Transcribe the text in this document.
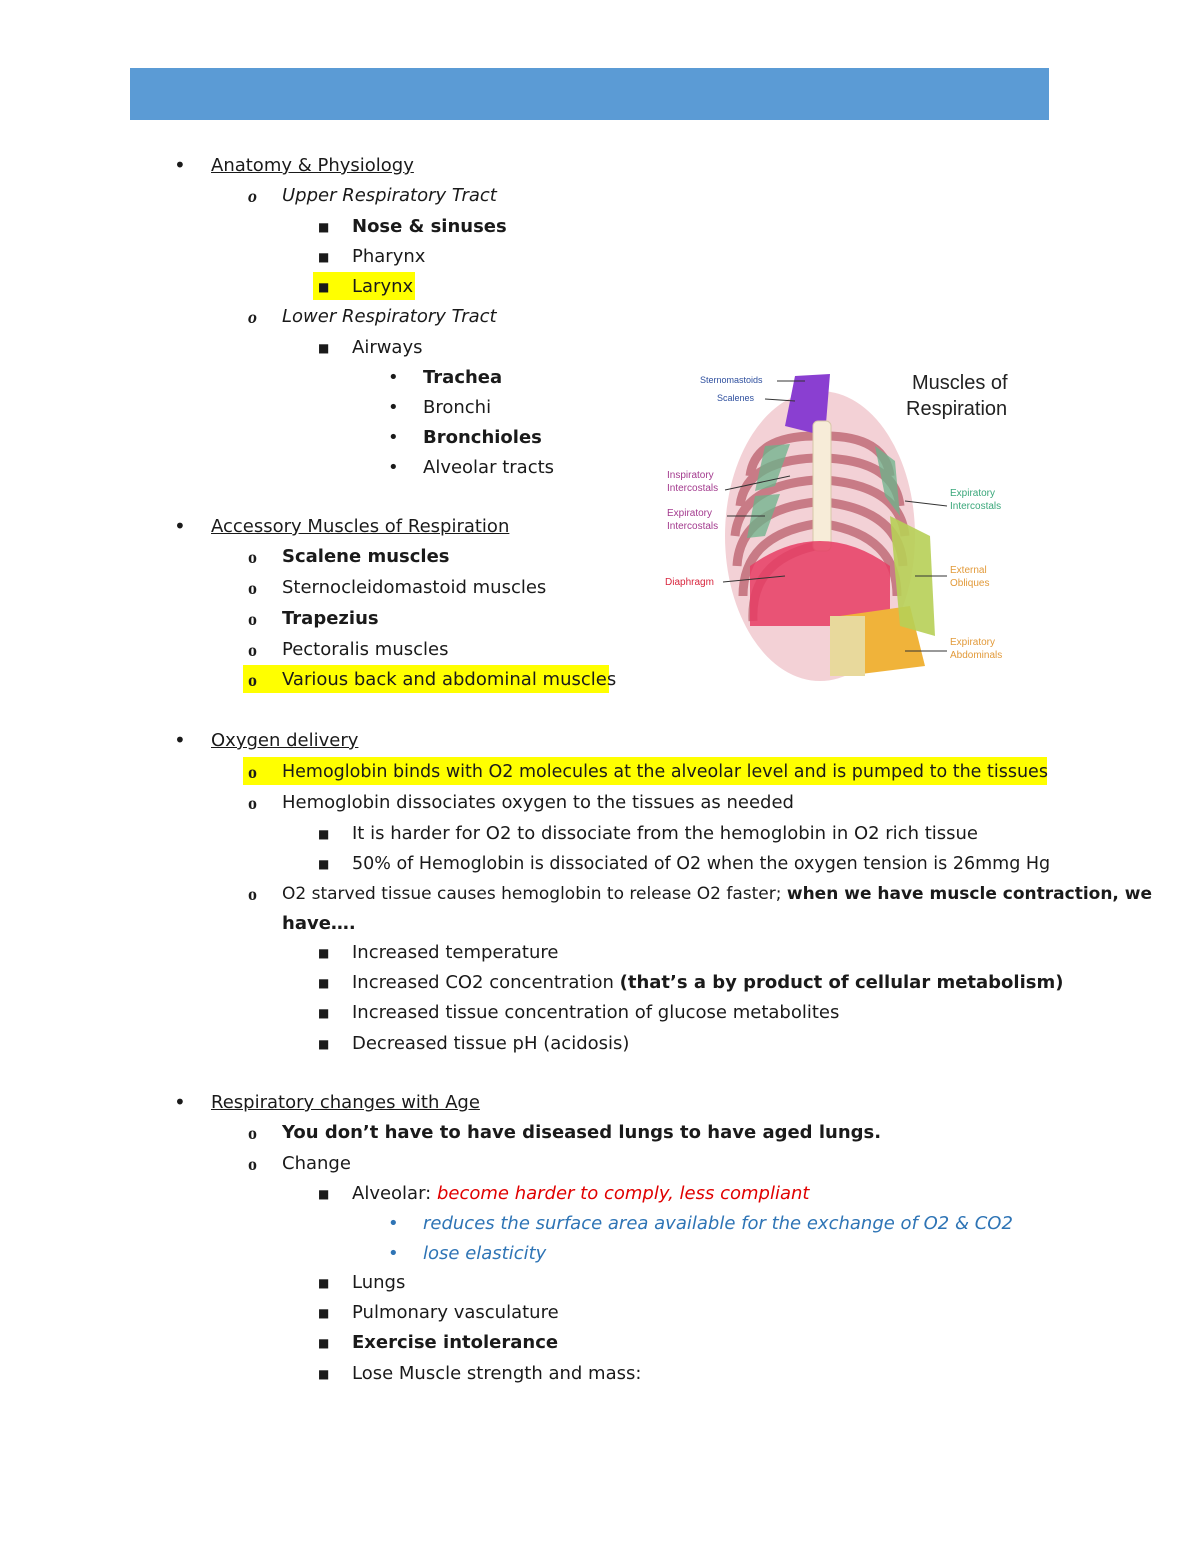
• Anatomy & Physiology
o Upper Respiratory Tract
■ Nose & sinuses
■ Pharynx
■ Larynx
o Lower Respiratory Tract
■ Airways
• Trachea
• Bronchi
• Bronchioles
• Alveolar tracts
• Accessory Muscles of Respiration
o Scalene muscles
o Sternocleidomastoid muscles
o Trapezius
o Pectoralis muscles
o Various back and abdominal muscles
Sternomastoids
Scalenes
Inspiratory
Intercostals
Expiratory
Intercostals
Diaphragm
Expiratory
Intercostals
External
Obliques
Expiratory
Abdominals
Muscles of
Respiration
• Oxygen delivery
o Hemoglobin binds with O2 molecules at the alveolar level and is pumped to the tissues
o Hemoglobin dissociates oxygen to the tissues as needed
■ It is harder for O2 to dissociate from the hemoglobin in O2 rich tissue
■ 50% of Hemoglobin is dissociated of O2 when the oxygen tension is 26mmg Hg
o O2 starved tissue causes hemoglobin to release O2 faster; when we have muscle contraction, we
have….
■ Increased temperature
■ Increased CO2 concentration (that’s a by product of cellular metabolism)
■ Increased tissue concentration of glucose metabolites
■ Decreased tissue pH (acidosis)
• Respiratory changes with Age
o You don’t have to have diseased lungs to have aged lungs.
o Change
■ Alveolar: become harder to comply, less compliant
• reduces the surface area available for the exchange of O2 & CO2
• lose elasticity
■ Lungs
■ Pulmonary vasculature
■ Exercise intolerance
■ Lose Muscle strength and mass:
